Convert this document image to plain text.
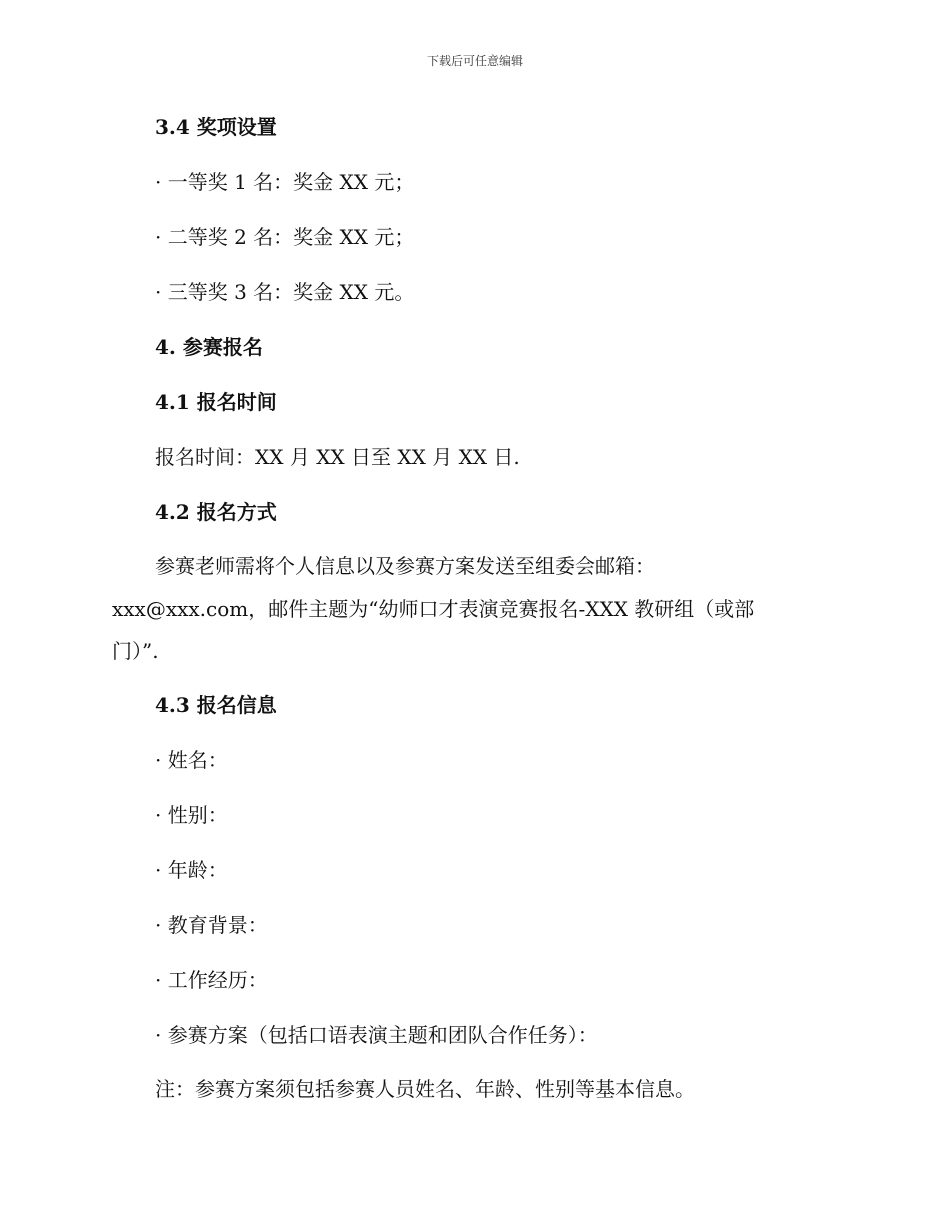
下载后可任意编辑
3.4 奖项设置
· 一等奖 1 名：奖金 XX 元；
· 二等奖 2 名：奖金 XX 元；
· 三等奖 3 名：奖金 XX 元。
4. 参赛报名
4.1 报名时间
报名时间：XX 月 XX 日至 XX 月 XX 日.
4.2 报名方式
参赛老师需将个人信息以及参赛方案发送至组委会邮箱：
xxx@xxx.com，邮件主题为“幼师口才表演竞赛报名-XXX 教研组（或部
门）”.
4.3 报名信息
· 姓名：
· 性别：
· 年龄：
· 教育背景：
· 工作经历：
· 参赛方案（包括口语表演主题和团队合作任务）：
注：参赛方案须包括参赛人员姓名、年龄、性别等基本信息。
